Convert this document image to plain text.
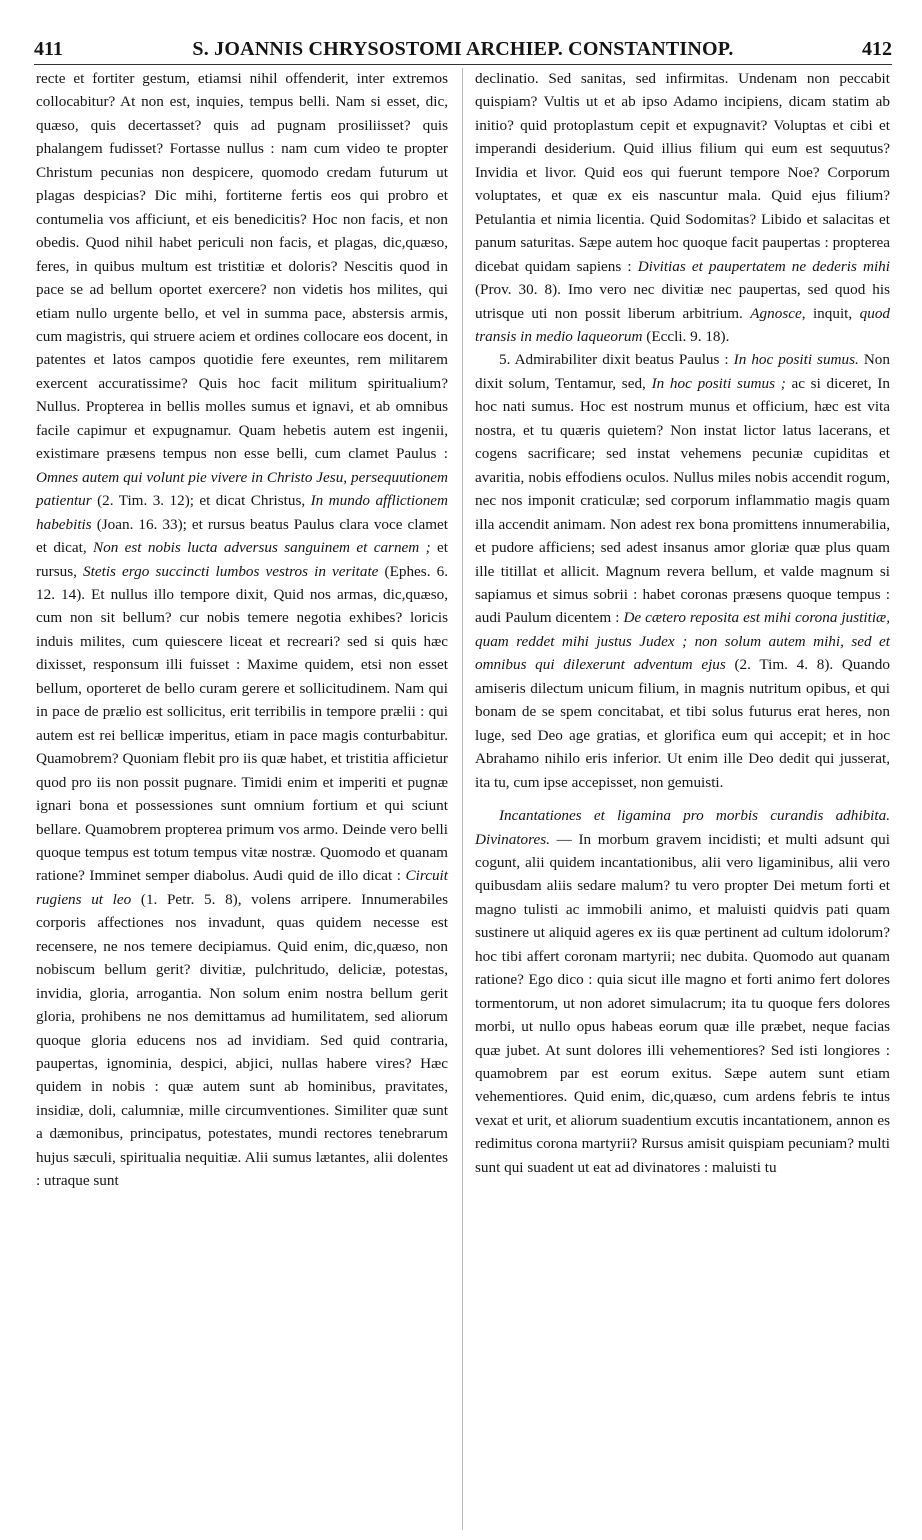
411	S. JOANNIS CHRYSOSTOMI ARCHIEP. CONSTANTINOP.	412

recte et fortiter gestum, etiamsi nihil offenderit, inter extremos collocabitur? At non est, inquies, tempus belli. Nam si esset, dic, quæso, quis decertasset? quis ad pugnam prosiliisset? quis phalangem fudisset? Fortasse nullus : nam cum video te propter Christum pecunias non despicere, quomodo credam futurum ut plagas despicias? Dic mihi, fortiterne fertis eos qui probro et contumelia vos afficiunt, et eis benedicitis? Hoc non facis, et non obedis. Quod nihil habet periculi non facis, et plagas, dic,quæso, feres, in quibus multum est tristitiæ et doloris? Nescitis quod in pace se ad bellum oportet exercere? non videtis hos milites, qui etiam nullo urgente bello, et vel in summa pace, abstersis armis, cum magistris, qui struere aciem et ordines collocare eos docent, in patentes et latos campos quotidie fere exeuntes, rem militarem exercent accuratissime? Quis hoc facit militum spiritualium? Nullus. Propterea in bellis molles sumus et ignavi, et ab omnibus facile capimur et expugnamur. Quam hebetis autem est ingenii, existimare præsens tempus non esse belli, cum clamet Paulus : Omnes autem qui volunt pie vivere in Christo Jesu, persequutionem patientur (2. Tim. 3. 12); et dicat Christus, In mundo afflictionem habebitis (Joan. 16. 33); et rursus beatus Paulus clara voce clamet et dicat, Non est nobis lucta adversus sanguinem et carnem ; et rursus, Stetis ergo succincti lumbos vestros in veritate (Ephes. 6. 12. 14). Et nullus illo tempore dixit, Quid nos armas, dic,quæso, cum non sit bellum? cur nobis temere negotia exhibes? loricis induis milites, cum quiescere liceat et recreari? sed si quis hæc dixisset, responsum illi fuisset : Maxime quidem, etsi non esset bellum, oporteret de bello curam gerere et sollicitudinem. Nam qui in pace de prælio est sollicitus, erit terribilis in tempore prælii : qui autem est rei bellicæ imperitus, etiam in pace magis conturbabitur. Quamobrem? Quoniam flebit pro iis quæ habet, et tristitia afficietur quod pro iis non possit pugnare. Timidi enim et imperiti et pugnæ ignari bona et possessiones sunt omnium fortium et qui sciunt bellare. Quamobrem propterea primum vos armo. Deinde vero belli quoque tempus est totum tempus vitæ nostræ. Quomodo et quanam ratione? Imminet semper diabolus. Audi quid de illo dicat : Circuit rugiens ut leo (1. Petr. 5. 8), volens arripere. Innumerabiles corporis affectiones nos invadunt, quas quidem necesse est recensere, ne nos temere decipiamus. Quid enim, dic,quæso, non nobiscum bellum gerit? divitiæ, pulchritudo, deliciæ, potestas, invidia, gloria, arrogantia. Non solum enim nostra bellum gerit gloria, prohibens ne nos demittamus ad humilitatem, sed aliorum quoque gloria educens nos ad invidiam. Sed quid contraria, paupertas, ignominia, despici, abjici, nullas habere vires? Hæc quidem in nobis : quæ autem sunt ab hominibus, pravitates, insidiæ, doli, calumniæ, mille circumventiones. Similiter quæ sunt a dæmonibus, principatus, potestates, mundi rectores tenebrarum hujus sæculi, spiritualia nequitiæ. Alii sumus lætantes, alii dolentes : utraque sunt

declinatio. Sed sanitas, sed infirmitas. Undenam non peccabit quispiam? Vultis ut et ab ipso Adamo incipiens, dicam statim ab initio? quid protoplastum cepit et expugnavit? Voluptas et cibi et imperandi desiderium. Quid illius filium qui eum est sequutus? Invidia et livor. Quid eos qui fuerunt tempore Noe? Corporum voluptates, et quæ ex eis nascuntur mala. Quid ejus filium? Petulantia et nimia licentia. Quid Sodomitas? Libido et salacitas et panum saturitas. Sæpe autem hoc quoque facit paupertas : propterea dicebat quidam sapiens : Divitias et paupertatem ne dederis mihi (Prov. 30. 8). Imo vero nec divitiæ nec paupertas, sed quod his utrisque uti non possit liberum arbitrium. Agnosce, inquit, quod transis in medio laqueorum (Eccli. 9. 18).

5. Admirabiliter dixit beatus Paulus : In hoc positi sumus. Non dixit solum, Tentamur, sed, In hoc positi sumus ; ac si diceret, In hoc nati sumus. Hoc est nostrum munus et officium, hæc est vita nostra, et tu quæris quietem? Non instat lictor latus lacerans, et cogens sacrificare; sed instat vehemens pecuniæ cupiditas et avaritia, nobis effodiens oculos. Nullus miles nobis accendit rogum, nec nos imponit craticulæ; sed corporum inflammatio magis quam illa accendit animam. Non adest rex bona promittens innumerabilia, et pudore afficiens; sed adest insanus amor gloriæ quæ plus quam ille titillat et allicit. Magnum revera bellum, et valde magnum si sapiamus et simus sobrii : habet coronas præsens quoque tempus : audi Paulum dicentem : De cætero reposita est mihi corona justitiæ, quam reddet mihi justus Judex ; non solum autem mihi, sed et omnibus qui dilexerunt adventum ejus (2. Tim. 4. 8). Quando amiseris dilectum unicum filium, in magnis nutritum opibus, et qui bonam de se spem concitabat, et tibi solus futurus erat heres, non luge, sed Deo age gratias, et glorifica eum qui accepit; et in hoc Abrahamo nihilo eris inferior. Ut enim ille Deo dedit qui jusserat, ita tu, cum ipse accepisset, non gemuisti.

Incantationes et ligamina pro morbis curandis adhibita. Divinatores. — In morbum gravem incidisti; et multi adsunt qui cogunt, alii quidem incantationibus, alii vero ligaminibus, alii vero quibusdam aliis sedare malum? tu vero propter Dei metum forti et magno tulisti ac immobili animo, et maluisti quidvis pati quam sustinere ut aliquid ageres ex iis quæ pertinent ad cultum idolorum? hoc tibi affert coronam martyrii; nec dubita. Quomodo aut quanam ratione? Ego dico : quia sicut ille magno et forti animo fert dolores tormentorum, ut non adoret simulacrum; ita tu quoque fers dolores morbi, ut nullo opus habeas eorum quæ ille præbet, neque facias quæ jubet. At sunt dolores illi vehementiores? Sed isti longiores : quamobrem par est eorum exitus. Sæpe autem sunt etiam vehementiores. Quid enim, dic,quæso, cum ardens febris te intus vexat et urit, et aliorum suadentium excutis incantationem, annon es redimitus corona martyrii? Rursus amisit quispiam pecuniam? multi sunt qui suadent ut eat ad divinatores : maluisti tu
